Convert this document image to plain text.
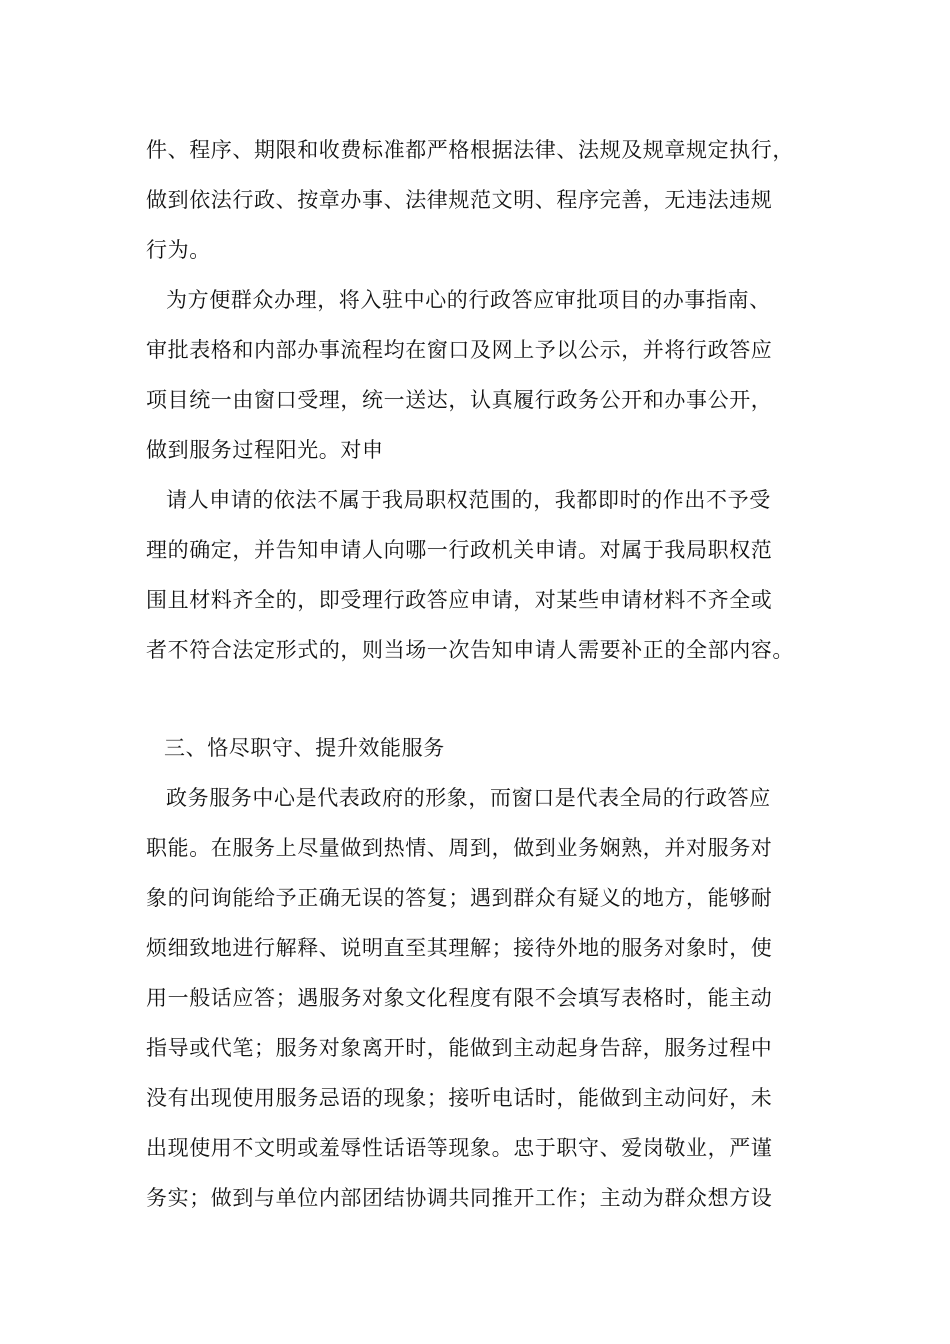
件、程序、期限和收费标准都严格根据法律、法规及规章规定执行，
做到依法行政、按章办事、法律规范文明、程序完善，无违法违规
行为。
为方便群众办理，将入驻中心的行政答应审批项目的办事指南、
审批表格和内部办事流程均在窗口及网上予以公示，并将行政答应
项目统一由窗口受理，统一送达，认真履行政务公开和办事公开，
做到服务过程阳光。对申
请人申请的依法不属于我局职权范围的，我都即时的作出不予受
理的确定，并告知申请人向哪一行政机关申请。对属于我局职权范
围且材料齐全的，即受理行政答应申请，对某些申请材料不齐全或
者不符合法定形式的，则当场一次告知申请人需要补正的全部内容。
三、恪尽职守、提升效能服务
政务服务中心是代表政府的形象，而窗口是代表全局的行政答应
职能。在服务上尽量做到热情、周到，做到业务娴熟，并对服务对
象的问询能给予正确无误的答复；遇到群众有疑义的地方，能够耐
烦细致地进行解释、说明直至其理解；接待外地的服务对象时，使
用一般话应答；遇服务对象文化程度有限不会填写表格时，能主动
指导或代笔；服务对象离开时，能做到主动起身告辞，服务过程中
没有出现使用服务忌语的现象；接听电话时，能做到主动问好，未
出现使用不文明或羞辱性话语等现象。忠于职守、爱岗敬业，严谨
务实；做到与单位内部团结协调共同推开工作；主动为群众想方设
